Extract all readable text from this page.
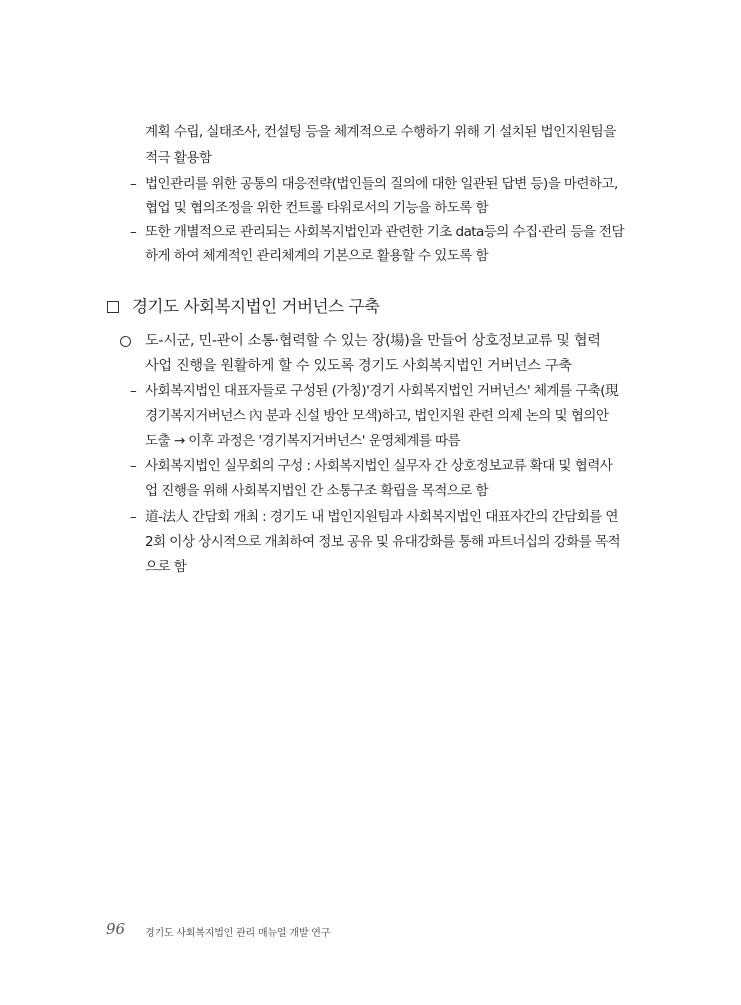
계획 수립, 실태조사, 컨설팅 등을 체계적으로 수행하기 위해 기 설치된 법인지원팀을
적극 활용함
– 법인관리를 위한 공통의 대응전략(법인들의 질의에 대한 일관된 답변 등)을 마련하고,
협업 및 협의조정을 위한 컨트롤 타워로서의 기능을 하도록 함
– 또한 개별적으로 관리되는 사회복지법인과 관련한 기초 data등의 수집·관리 등을 전담
하게 하여 체계적인 관리체계의 기본으로 활용할 수 있도록 함
경기도 사회복지법인 거버넌스 구축
도-시군, 민-관이 소통·협력할 수 있는 장(場)을 만들어 상호정보교류 및 협력
사업 진행을 원활하게 할 수 있도록 경기도 사회복지법인 거버넌스 구축
– 사회복지법인 대표자들로 구성된 (가칭)'경기 사회복지법인 거버넌스' 체계를 구축(現
경기복지거버넌스 內 분과 신설 방안 모색)하고, 법인지원 관련 의제 논의 및 협의안
도출 → 이후 과정은 '경기복지거버넌스' 운영체계를 따름
– 사회복지법인 실무회의 구성 : 사회복지법인 실무자 간 상호정보교류 확대 및 협력사
업 진행을 위해 사회복지법인 간 소통구조 확립을 목적으로 함
– 道-法人 간담회 개최 : 경기도 내 법인지원팀과 사회복지법인 대표자간의 간담회를 연
2회 이상 상시적으로 개최하여 정보 공유 및 유대강화를 통해 파트너십의 강화를 목적
으로 함
96 경기도 사회복지법인 관리 매뉴얼 개발 연구
